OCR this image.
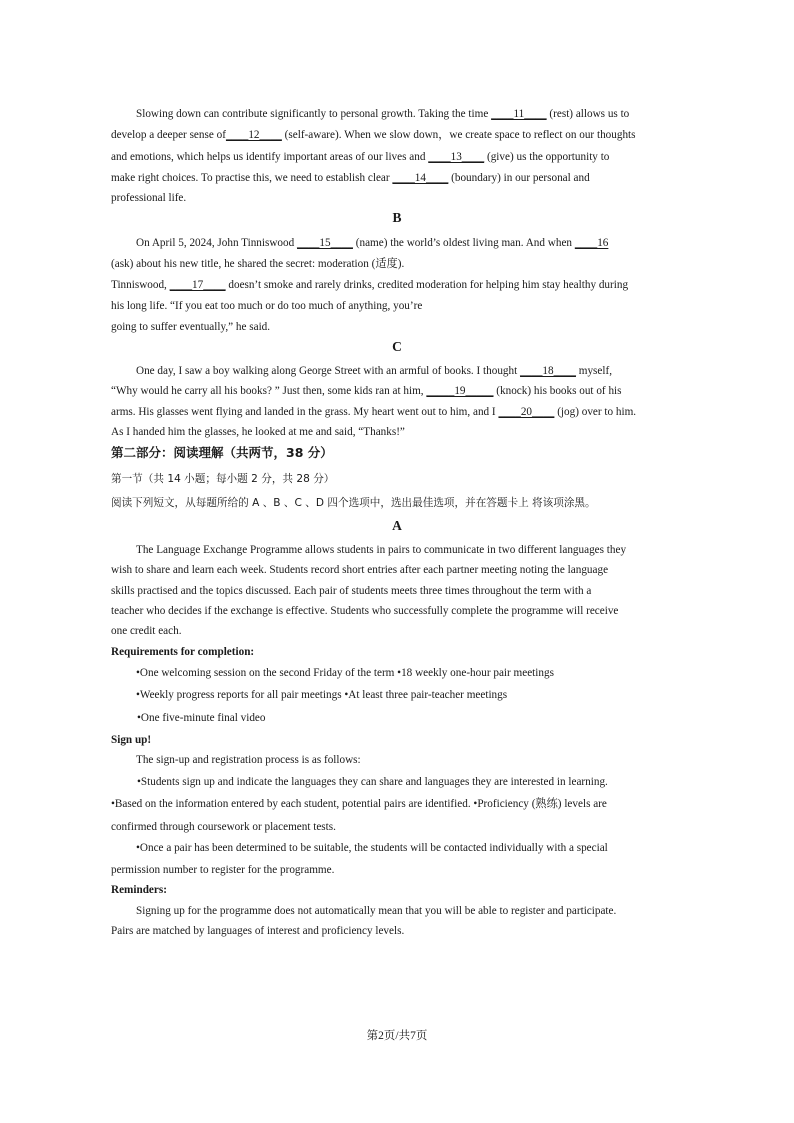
Slowing down can contribute significantly to personal growth. Taking the time ____11____ (rest) allows us to
develop a deeper sense of____12____ (self-aware). When we slow down，we create space to reflect on our thoughts
and emotions, which helps us identify important areas of our lives and ____13____ (give) us the opportunity to
make right choices. To practise this, we need to establish clear ____14____ (boundary) in our personal and
professional life.
B
On April 5, 2024, John Tinniswood ____15____ (name) the world’s oldest living man. And when ____16
(ask) about his new title, he shared the secret: moderation (适度).
Tinniswood, ____17____ doesn’t smoke and rarely drinks, credited moderation for helping him stay healthy during
his long life. “If you eat too much or do too much of anything, you’re
going to suffer eventually,” he said.
C
One day, I saw a boy walking along George Street with an armful of books. I thought ____18____ myself,
“Why would he carry all his books? ” Just then, some kids ran at him, _____19_____ (knock) his books out of his
arms. His glasses went flying and landed in the grass. My heart went out to him, and I ____20____ (jog) over to him.
As I handed him the glasses, he looked at me and said, “Thanks!”
第二部分：阅读理解（共两节，38 分）
第一节（共 14 小题；每小题 2 分，共 28 分）
阅读下列短文，从每题所给的 A 、B 、C 、D 四个选项中，选出最佳选项，并在答题卡上 将该项涂黑。
A
The Language Exchange Programme allows students in pairs to communicate in two different languages they
wish to share and learn each week. Students record short entries after each partner meeting noting the language
skills practised and the topics discussed. Each pair of students meets three times throughout the term with a
teacher who decides if the exchange is effective. Students who successfully complete the programme will receive
one credit each.
Requirements for completion:
•One welcoming session on the second Friday of the term •18 weekly one-hour pair meetings
•Weekly progress reports for all pair meetings •At least three pair-teacher meetings
•One five-minute final video
Sign up!
The sign-up and registration process is as follows:
•Students sign up and indicate the languages they can share and languages they are interested in learning.
•Based on the information entered by each student, potential pairs are identified. •Proficiency (熟练) levels are
confirmed through coursework or placement tests.
•Once a pair has been determined to be suitable, the students will be contacted individually with a special
permission number to register for the programme.
Reminders:
Signing up for the programme does not automatically mean that you will be able to register and participate.
Pairs are matched by languages of interest and proficiency levels.
第2页/共7页
